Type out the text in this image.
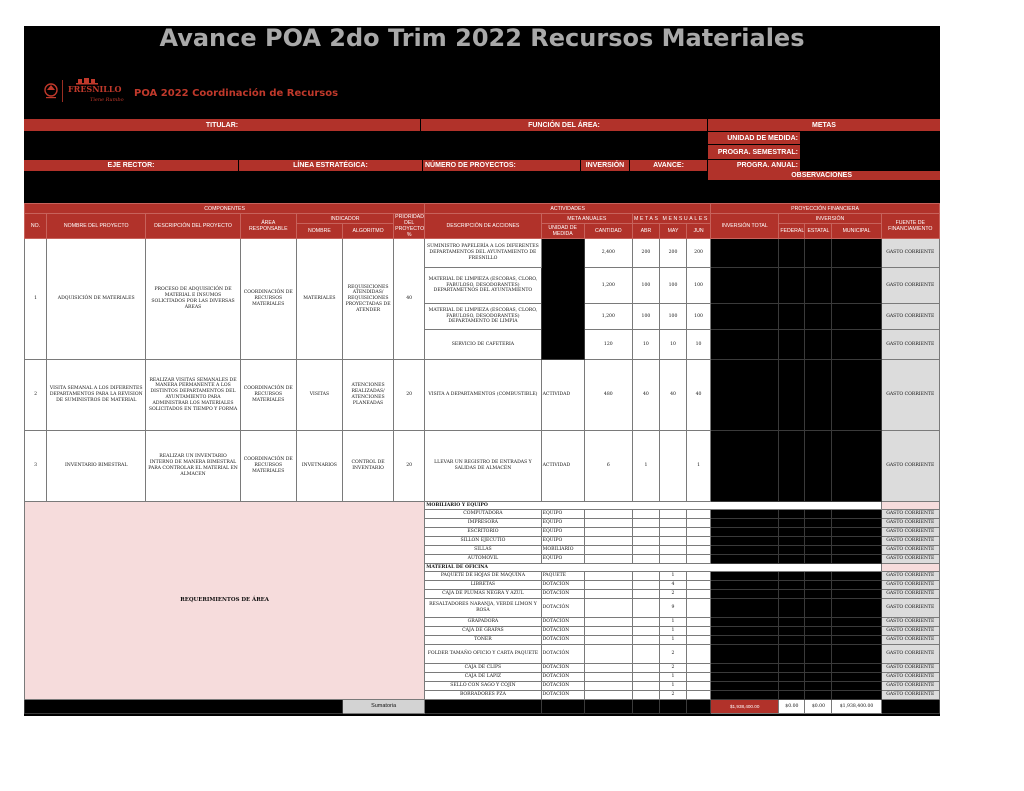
Avance POA 2do Trim 2022 Recursos Materiales
FRESNILLO
Tiene Rumbo
POA 2022 Coordinación de Recursos
TITULAR:	FUNCIÓN DEL ÁREA:	METAS
UNIDAD DE MEDIDA:
PROGRA. SEMESTRAL:
EJE RECTOR:	LÍNEA ESTRATÉGICA:	NÚMERO DE PROYECTOS:	INVERSIÓN	AVANCE:	PROGRA. ANUAL:
OBSERVACIONES
COMPONENTES							ACTIVIDADES						PROYECCIÓN FINANCIERA				
NO.	NOMBRE DEL PROYECTO	DESCRIPCIÓN DEL PROYECTO	ÁREA RESPONSABLE	INDICADOR		PRIORIDAD DEL PROYECTO %	DESCRIPCIÓN DE ACCIONES	META ANUALES		METAS MENSUALES			INVERSIÓN TOTAL	INVERSIÓN			FUENTE DE FINANCIAMIENTO
				NOMBRE	ALGORITMO			UNIDAD DE MEDIDA	CANTIDAD	ABR	MAY	JUN		FEDERAL	ESTATAL	MUNICIPAL	

1	ADQUISICIÓN DE MATERIALES	PROCESO DE ADQUISICIÓN DE MATERIAL E INSUMOS SOLICITADOS POR LAS DIVERSAS ÁREAS	COORDINACIÓN DE RECURSOS MATERIALES	MATERIALES	REQUISICIONES ATENDIDAS/ REQUISICIONES PROYECTADAS DE ATENDER	40	SUMINISTRO PAPELERÍA A LOS DIFERENTES DEPARTAMENTOS DEL AYUNTAMIENTO DE FRESNILLO		2,400	200	200	200					GASTO CORRIENTE
							MATERIAL DE LIMPIEZA (ESCOBAS, CLORO, FABULOSO, DESODORANTES) DEPARTAMETNOS DEL AYUNTAMIENTO		1,200	100	100	100					GASTO CORRIENTE
							MATERIAL DE LIMPIEZA (ESCOBAS, CLORO, FABULOSO, DESODORANTES) DEPARTAMENTO DE LIMPIA		1,200	100	100	100					GASTO CORRIENTE
							SERVICIO DE CAFETERIA		120	10	10	10					GASTO CORRIENTE
2	VISITA SEMANAL A LOS DIFERENTES DEPARTAMENTOS PARA LA REVISION DE SUMINISTROS DE MATERIAL	REALIZAR VISITAS SEMANALES DE MANERA PERMANENTE A LOS DISTINTOS DEPARTAMENTOS DEL AYUNTAMIENTO PARA ADMINISTRAR LOS MATERIALES SOLICITADOS EN TIEMPO Y FORMA	COORDINACIÓN DE RECURSOS MATERIALES	VISITAS	ATENCIONES REALIZADAS/ ATENCIONES PLANEADAS	20	VISITA A DEPARTAMENTOS (COMBUSTIBLE)	ACTIVIDAD	480	40	40	40					GASTO CORRIENTE
3	INVENTARIO BIMESTRAL	REALIZAR UN INVENTARIO INTERNO DE MANERA BIMESTRAL PARA CONTROLAR EL MATERIAL EN ALMACEN	COORDINACIÓN DE RECURSOS MATERIALES	INVETNARIOS	CONTROL DE INVENTARIO	20	LLEVAR UN REGISTRO DE ENTRADAS Y SALIDAS DE ALMACÉN	ACTIVIDAD	6	1		1					GASTO CORRIENTE
REQUERIMIENTOS DE ÁREA							MOBILIARIO Y EQUIPO										
							COMPUTADORA	EQUIPO									GASTO CORRIENTE
							IMPRESORA	EQUIPO									GASTO CORRIENTE
							ESCRITORIO	EQUIPO									GASTO CORRIENTE
							SILLON EJECUTIO	EQUIPO									GASTO CORRIENTE
							SILLAS	MOBILIARIO									GASTO CORRIENTE
							AUTOMOVIL	EQUIPO									GASTO CORRIENTE
							MATERIAL DE OFICINA										
							PAQUETE DE HOJAS DE MAQUINA	PAQUETE			1						GASTO CORRIENTE
							LIBRETAS	DOTACIÓN			4						GASTO CORRIENTE
							CAJA DE PLUMAS NEGRA Y AZUL	DOTACIÓN			2						GASTO CORRIENTE
							RESALTADORES NARANJA, VERDE LIMON Y ROSA	DOTACIÓN			9						GASTO CORRIENTE
							GRAPADORA	DOTACIÓN			1						GASTO CORRIENTE
							CAJA DE GRAPAS	DOTACIÓN			1						GASTO CORRIENTE
							TONER	DOTACIÓN			1						GASTO CORRIENTE
							FOLDER TAMAÑO OFICIO Y CARTA PAQUETE	DOTACIÓN			2						GASTO CORRIENTE
							CAJA DE CLIPS	DOTACIÓN			2						GASTO CORRIENTE
							CAJA DE LAPIZ	DOTACIÓN			1						GASTO CORRIENTE
							SELLO CON SAGO Y COJIN	DOTACIÓN			1						GASTO CORRIENTE
							BORRADORES PZA	DOTACIÓN			2						GASTO CORRIENTE
					Sumatoria								$1,938,400.00	$0.00	$0.00	$1,938,400.00	
